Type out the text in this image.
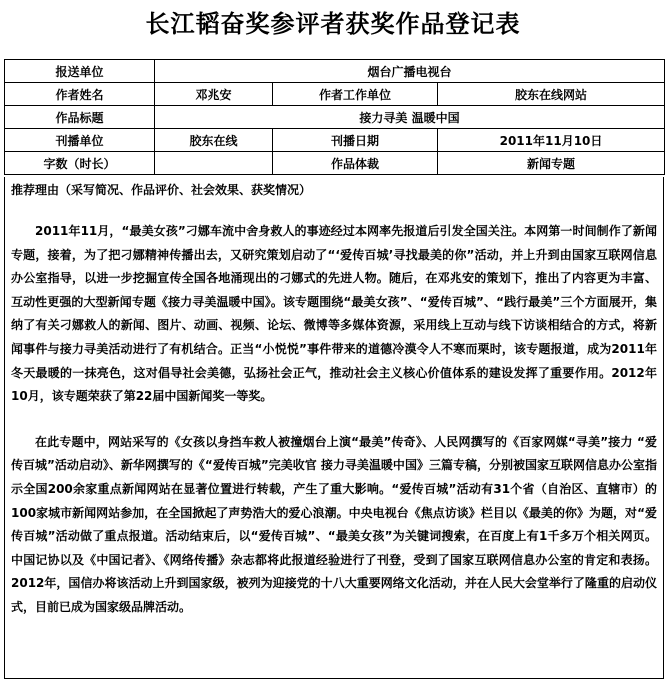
长江韬奋奖参评者获奖作品登记表
报送单位	烟台广播电视台		
作者姓名	邓兆安	作者工作单位	胶东在线网站
作品标题	接力寻美 温暖中国		
刊播单位	胶东在线	刊播日期	2011年11月10日
字数（时长）		作品体裁	新闻专题
推荐理由（采写简况、作品评价、社会效果、获奖情况）

2011年11月，“最美女孩”刁娜车流中舍身救人的事迹经过本网率先报道后引发全国关注。本网第一时间制作了新闻专题，接着，为了把刁娜精神传播出去，又研究策划启动了“‘爱传百城’寻找最美的你”活动，并上升到由国家互联网信息办公室指导，以进一步挖掘宣传全国各地涌现出的刁娜式的先进人物。随后，在邓兆安的策划下，推出了内容更为丰富、互动性更强的大型新闻专题《接力寻美温暖中国》。该专题围绕“最美女孩”、“爱传百城”、“践行最美”三个方面展开，集纳了有关刁娜救人的新闻、图片、动画、视频、论坛、微博等多媒体资源，采用线上互动与线下访谈相结合的方式，将新闻事件与接力寻美活动进行了有机结合。正当“小悦悦”事件带来的道德冷漠令人不寒而栗时，该专题报道，成为2011年冬天最暖的一抹亮色，这对倡导社会美德，弘扬社会正气，推动社会主义核心价值体系的建设发挥了重要作用。2012年10月，该专题荣获了第22届中国新闻奖一等奖。

在此专题中，网站采写的《女孩以身挡车救人被撞烟台上演“最美”传奇》、人民网撰写的《百家网媒“寻美”接力 “爱传百城”活动启动》、新华网撰写的《“爱传百城”完美收官 接力寻美温暖中国》三篇专稿，分别被国家互联网信息办公室指示全国200余家重点新闻网站在显著位置进行转载，产生了重大影响。“爱传百城”活动有31个省（自治区、直辖市）的100家城市新闻网站参加，在全国掀起了声势浩大的爱心浪潮。中央电视台《焦点访谈》栏目以《最美的你》为题，对“爱传百城”活动做了重点报道。活动结束后，以“爱传百城”、“最美女孩”为关键词搜索，在百度上有1千多万个相关网页。中国记协以及《中国记者》、《网络传播》杂志都将此报道经验进行了刊登，受到了国家互联网信息办公室的肯定和表扬。2012年，国信办将该活动上升到国家级，被列为迎接党的十八大重要网络文化活动，并在人民大会堂举行了隆重的启动仪式，目前已成为国家级品牌活动。
